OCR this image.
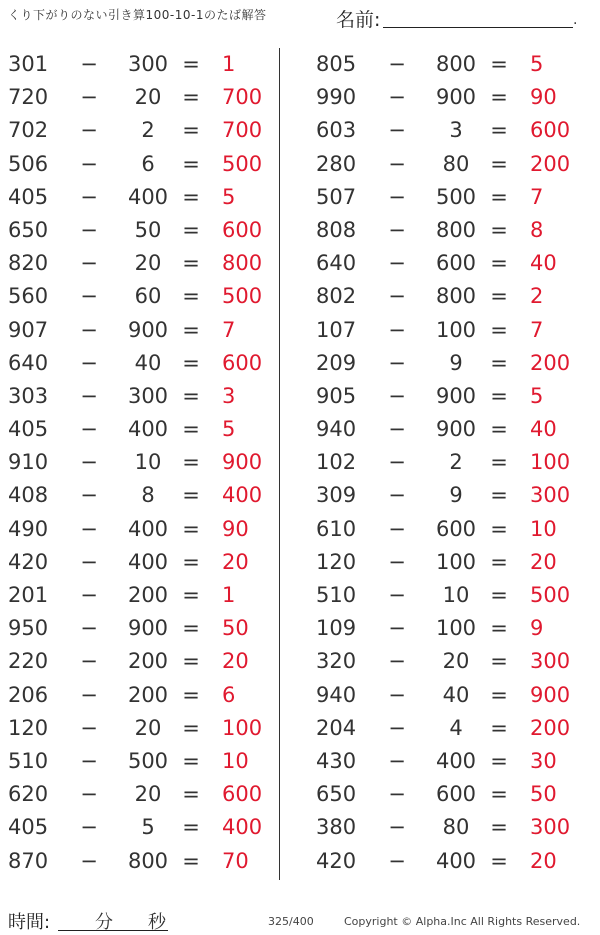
くり下がりのない引き算100-10-1のたば解答	名前:	.
301	−	300 = 1
720	−	20 = 700
702	−	2	= 700
506	−	6	= 500
405	−	400 = 5
650	−	50 = 600
820	−	20 = 800
560	−	60 = 500
907	−	900 = 7
640	−	40 = 600
303	−	300 = 3
405	−	400 = 5
910	−	10 = 900
408	−	8	= 400
490	−	400 = 90
420	−	400 = 20
201	−	200 = 1
950	−	900 = 50
220	−	200 = 20
206	−	200 = 6
120	−	20 = 100
510	−	500 = 10
620	−	20 = 600
405	−	5	= 400
870	−	800 = 70
805	−	800 = 5
990	−	900 = 90
603	−	3	= 600
280	−	80 = 200
507	−	500 = 7
808	−	800 = 8
640	−	600 = 40
802	−	800 = 2
107	−	100 = 7
209	−	9	= 200
905	−	900 = 5
940	−	900 = 40
102	−	2	= 100
309	−	9	= 300
610	−	600 = 10
120	−	100 = 20
510	−	10 = 500
109	−	100 = 9
320	−	20 = 300
940	−	40 = 900
204	−	4	= 200
430	−	400 = 30
650	−	600 = 50
380	−	80 = 300
420	−	400 = 20
時間: 分 秒	325/400	Copyright © Alpha.Inc All Rights Reserved.
